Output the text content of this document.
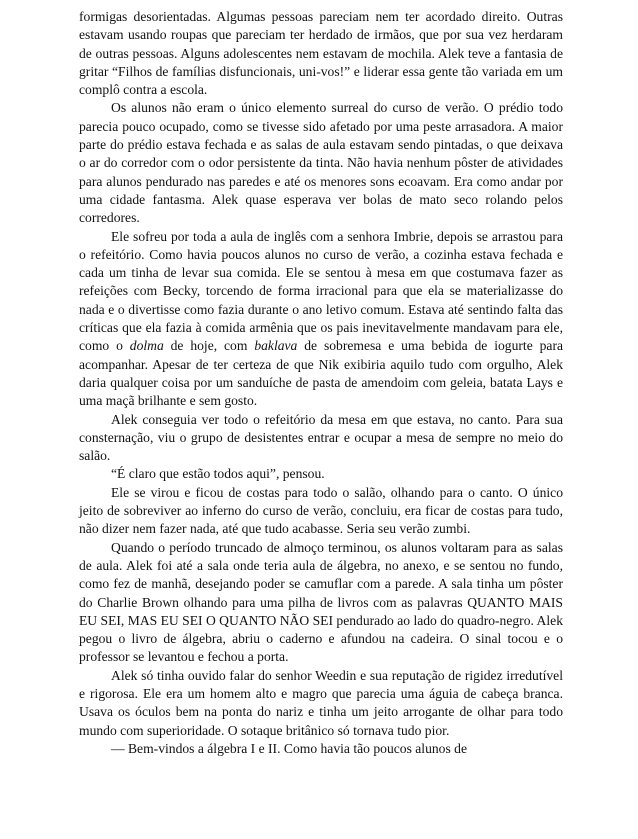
formigas desorientadas. Algumas pessoas pareciam nem ter acordado direito. Outras estavam usando roupas que pareciam ter herdado de irmãos, que por sua vez herdaram de outras pessoas. Alguns adolescentes nem estavam de mochila. Alek teve a fantasia de gritar “Filhos de famílias disfuncionais, uni-vos!” e liderar essa gente tão variada em um complô contra a escola.

Os alunos não eram o único elemento surreal do curso de verão. O prédio todo parecia pouco ocupado, como se tivesse sido afetado por uma peste arrasadora. A maior parte do prédio estava fechada e as salas de aula estavam sendo pintadas, o que deixava o ar do corredor com o odor persistente da tinta. Não havia nenhum pôster de atividades para alunos pendurado nas paredes e até os menores sons ecoavam. Era como andar por uma cidade fantasma. Alek quase esperava ver bolas de mato seco rolando pelos corredores.

Ele sofreu por toda a aula de inglês com a senhora Imbrie, depois se arrastou para o refeitório. Como havia poucos alunos no curso de verão, a cozinha estava fechada e cada um tinha de levar sua comida. Ele se sentou à mesa em que costumava fazer as refeições com Becky, torcendo de forma irracional para que ela se materializasse do nada e o divertisse como fazia durante o ano letivo comum. Estava até sentindo falta das críticas que ela fazia à comida armênia que os pais inevitavelmente mandavam para ele, como o dolma de hoje, com baklava de sobremesa e uma bebida de iogurte para acompanhar. Apesar de ter certeza de que Nik exibiria aquilo tudo com orgulho, Alek daria qualquer coisa por um sanduíche de pasta de amendoim com geleia, batata Lays e uma maçã brilhante e sem gosto.

Alek conseguia ver todo o refeitório da mesa em que estava, no canto. Para sua consternação, viu o grupo de desistentes entrar e ocupar a mesa de sempre no meio do salão.

“É claro que estão todos aqui”, pensou.

Ele se virou e ficou de costas para todo o salão, olhando para o canto. O único jeito de sobreviver ao inferno do curso de verão, concluiu, era ficar de costas para tudo, não dizer nem fazer nada, até que tudo acabasse. Seria seu verão zumbi.

Quando o período truncado de almoço terminou, os alunos voltaram para as salas de aula. Alek foi até a sala onde teria aula de álgebra, no anexo, e se sentou no fundo, como fez de manhã, desejando poder se camuflar com a parede. A sala tinha um pôster do Charlie Brown olhando para uma pilha de livros com as palavras QUANTO MAIS EU SEI, MAS EU SEI O QUANTO NÃO SEI pendurado ao lado do quadro-negro. Alek pegou o livro de álgebra, abriu o caderno e afundou na cadeira. O sinal tocou e o professor se levantou e fechou a porta.

Alek só tinha ouvido falar do senhor Weedin e sua reputação de rigidez irredutível e rigorosa. Ele era um homem alto e magro que parecia uma águia de cabeça branca. Usava os óculos bem na ponta do nariz e tinha um jeito arrogante de olhar para todo mundo com superioridade. O sotaque britânico só tornava tudo pior.

— Bem-vindos a álgebra I e II. Como havia tão poucos alunos de
